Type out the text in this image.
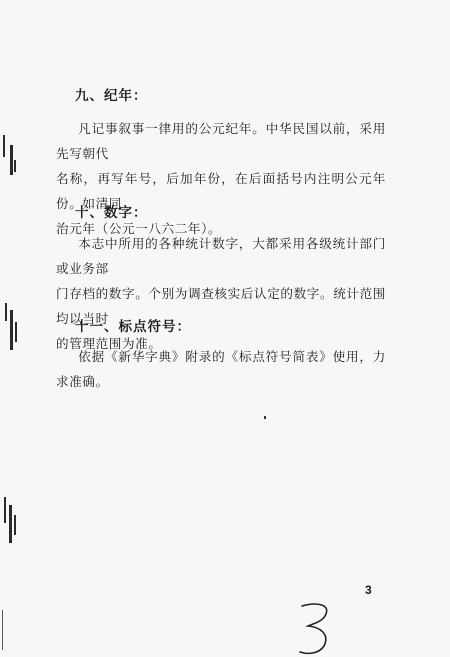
九、纪年：
凡记事叙事一律用的公元纪年。中华民国以前，采用先写朝代
名称，再写年号，后加年份，在后面括号内注明公元年份。如清同
治元年（公元一八六二年）。
十、数字：
本志中所用的各种统计数字，大都采用各级统计部门或业务部
门存档的数字。个别为调查核实后认定的数字。统计范围均以当时
的管理范围为准。
十一、标点符号：
依据《新华字典》附录的《标点符号简表》使用，力求准确。
3
